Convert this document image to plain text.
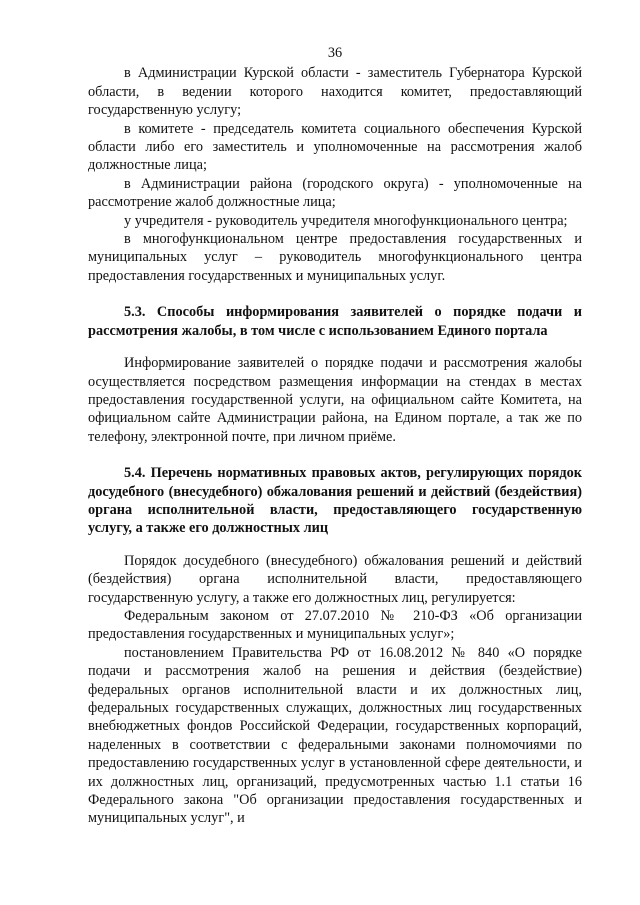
36

в Администрации Курской области - заместитель Губернатора Курской области, в ведении которого находится комитет, предоставляющий государственную услугу;

в комитете - председатель комитета социального обеспечения Курской области либо его заместитель и уполномоченные на рассмотрения жалоб должностные лица;

в Администрации района (городского округа) - уполномоченные на рассмотрение жалоб должностные лица;

у учредителя - руководитель учредителя многофункционального центра;

в многофункциональном центре предоставления государственных и муниципальных услуг – руководитель многофункционального центра предоставления государственных и муниципальных услуг.

5.3. Способы информирования заявителей о порядке подачи и рассмотрения жалобы, в том числе с использованием Единого портала

Информирование заявителей о порядке подачи и рассмотрения жалобы осуществляется посредством размещения информации на стендах в местах предоставления государственной услуги, на официальном сайте Комитета, на официальном сайте Администрации района, на Едином портале, а так же по телефону, электронной почте, при личном приёме.

5.4. Перечень нормативных правовых актов, регулирующих порядок досудебного (внесудебного) обжалования решений и действий (бездействия) органа исполнительной власти, предоставляющего государственную услугу, а также его должностных лиц

Порядок досудебного (внесудебного) обжалования решений и действий (бездействия) органа исполнительной власти, предоставляющего государственную услугу, а также его должностных лиц, регулируется:

Федеральным законом от 27.07.2010 № 210-ФЗ «Об организации предоставления государственных и муниципальных услуг»;

постановлением Правительства РФ от 16.08.2012 № 840 «О порядке подачи и рассмотрения жалоб на решения и действия (бездействие) федеральных органов исполнительной власти и их должностных лиц, федеральных государственных служащих, должностных лиц государственных внебюджетных фондов Российской Федерации, государственных корпораций, наделенных в соответствии с федеральными законами полномочиями по предоставлению государственных услуг в установленной сфере деятельности, и их должностных лиц, организаций, предусмотренных частью 1.1 статьи 16 Федерального закона "Об организации предоставления государственных и муниципальных услуг", и
